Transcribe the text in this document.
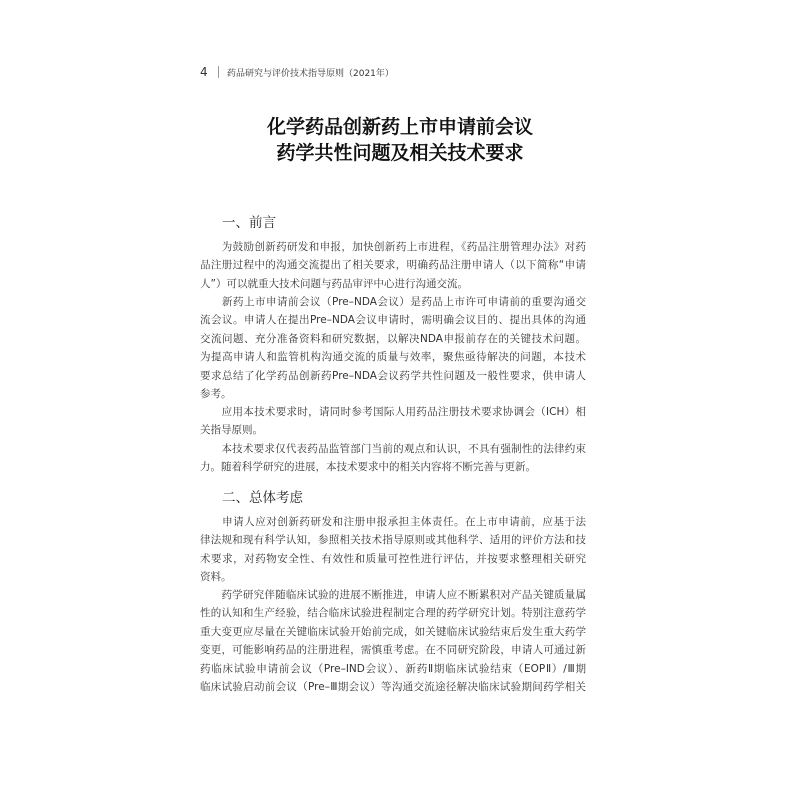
4	药品研究与评价技术指导原则（2021年）
化学药品创新药上市申请前会议
药学共性问题及相关技术要求
一、前言
　　为鼓励创新药研发和申报，加快创新药上市进程，《药品注册管理办法》对药
品注册过程中的沟通交流提出了相关要求，明确药品注册申请人（以下简称“申请
人”）可以就重大技术问题与药品审评中心进行沟通交流。
　　新药上市申请前会议（Pre–NDA会议）是药品上市许可申请前的重要沟通交
流会议。申请人在提出Pre–NDA会议申请时，需明确会议目的、提出具体的沟通
交流问题、充分准备资料和研究数据，以解决NDA申报前存在的关键技术问题。
为提高申请人和监管机构沟通交流的质量与效率，聚焦亟待解决的问题，本技术
要求总结了化学药品创新药Pre–NDA会议药学共性问题及一般性要求，供申请人
参考。
　　应用本技术要求时，请同时参考国际人用药品注册技术要求协调会（ICH）相
关指导原则。
　　本技术要求仅代表药品监管部门当前的观点和认识，不具有强制性的法律约束
力。随着科学研究的进展，本技术要求中的相关内容将不断完善与更新。
二、总体考虑
　　申请人应对创新药研发和注册申报承担主体责任。在上市申请前，应基于法
律法规和现有科学认知，参照相关技术指导原则或其他科学、适用的评价方法和技
术要求，对药物安全性、有效性和质量可控性进行评估，并按要求整理相关研究
资料。
　　药学研究伴随临床试验的进展不断推进，申请人应不断累积对产品关键质量属
性的认知和生产经验，结合临床试验进程制定合理的药学研究计划。特别注意药学
重大变更应尽量在关键临床试验开始前完成，如关键临床试验结束后发生重大药学
变更，可能影响药品的注册进程，需慎重考虑。在不同研究阶段，申请人可通过新
药临床试验申请前会议（Pre–IND会议）、新药Ⅱ期临床试验结束（EOPⅡ）/Ⅲ期
临床试验启动前会议（Pre–Ⅲ期会议）等沟通交流途径解决临床试验期间药学相关
